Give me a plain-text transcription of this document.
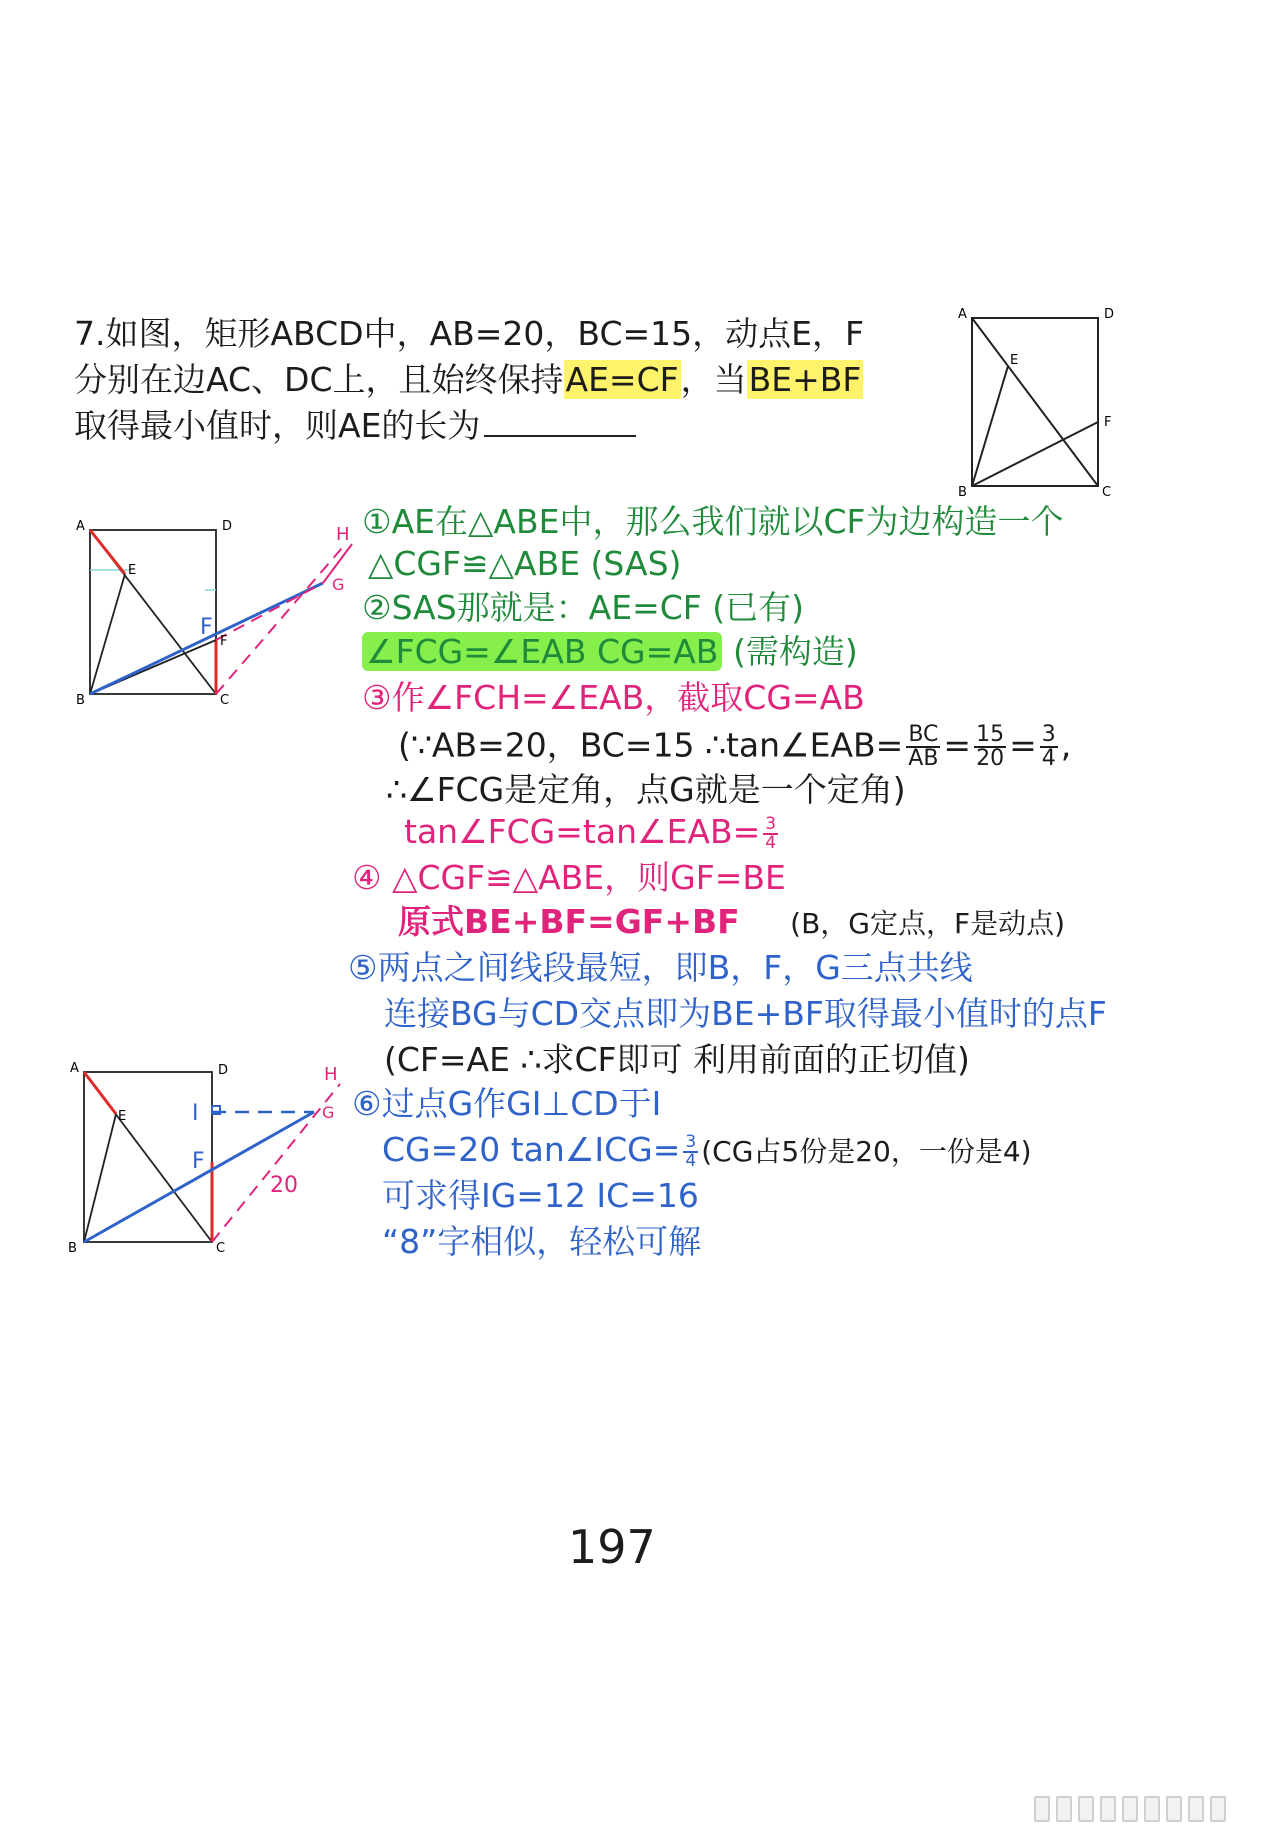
7.如图，矩形ABCD中，AB=20，BC=15，动点E，F
分别在边AC、DC上，且始终保持AE=CF，当BE+BF
取得最小值时，则AE的长为
A	D
E
F
B	C
A	D
E
F
F
B	C
G
H
A	D
E	I
F
B	C
G
H
20
①AE在△ABE中，那么我们就以CF为边构造一个
△CGF≌△ABE (SAS)
②SAS那就是：AE=CF (已有)
∠FCG=∠EAB CG=AB (需构造)
③作∠FCH=∠EAB，截取CG=AB
(∵AB=20，BC=15 ∴tan∠EAB= $\frac{BC}{AB} = \frac{15}{20} = \frac{3}{4}$ ,
∴∠FCG是定角，点G就是一个定角)
tan∠FCG=tan∠EAB= $\frac{3}{4}$
④ △CGF≌△ABE，则GF=BE
原式BE+BF=GF+BF (B，G定点，F是动点)
⑤两点之间线段最短，即B，F，G三点共线
连接BG与CD交点即为BE+BF取得最小值时的点F
(CF=AE ∴求CF即可 利用前面的正切值)
⑥过点G作GI⊥CD于I
CG=20 tan∠ICG= $\frac{3}{4} (CG$占5份是20，一份是4)
可求得IG=12 IC=16
“8”字相似，轻松可解
197
